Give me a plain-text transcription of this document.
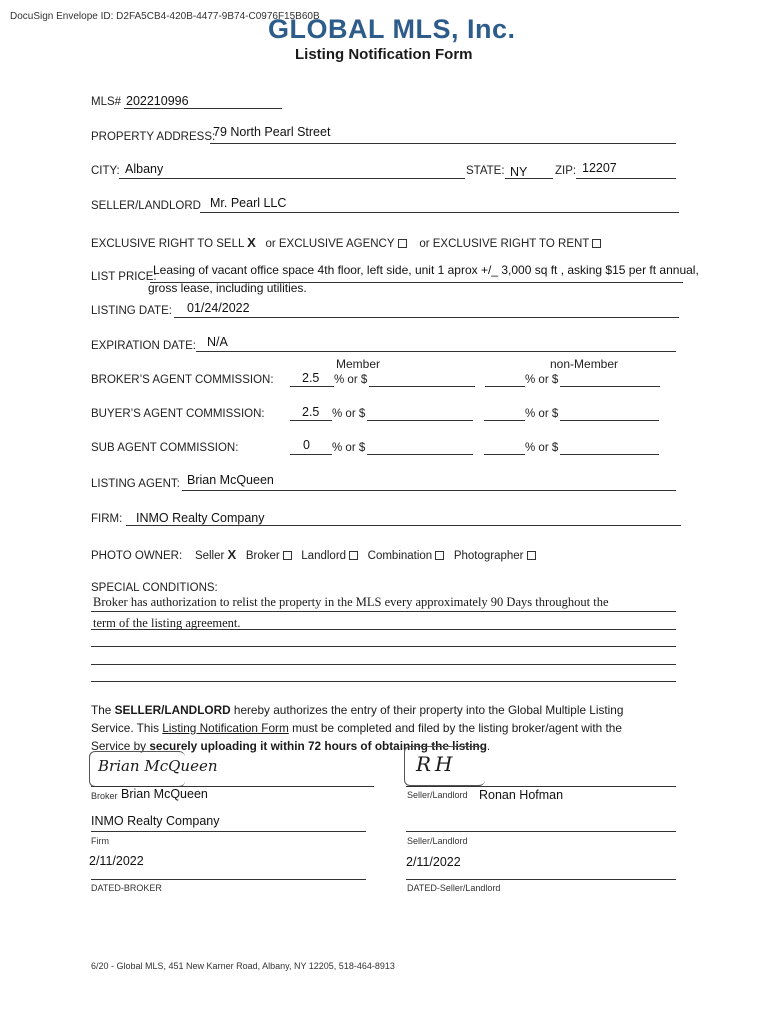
DocuSign Envelope ID: D2FA5CB4-420B-4477-9B74-C0976F15B60B
GLOBAL MLS, Inc.
Listing Notification Form
MLS# 202210996
PROPERTY ADDRESS:
79 North Pearl Street
CITY: Albany	STATE: NY ZIP: 12207
SELLER/LANDLORD Mr. Pearl LLC
EXCLUSIVE RIGHT TO SELL X or EXCLUSIVE AGENCY or EXCLUSIVE RIGHT TO RENT
LIST PRICE:
Leasing of vacant office space 4th floor, left side, unit 1 aprox +/_ 3,000 sq ft , asking $15 per ft annual,
gross lease, including utilities.
LISTING DATE: 01/24/2022
EXPIRATION DATE: N/A
Member	non-Member
BROKER’S AGENT COMMISSION: 2.5 % or $	% or $
BUYER’S AGENT COMMISSION:	2.5 % or $	% or $
SUB AGENT COMMISSION:	0 % or $	% or $
LISTING AGENT: Brian McQueen
FIRM: INMO Realty Company
PHOTO OWNER: Seller X Broker Landlord Combination Photographer
SPECIAL CONDITIONS:
Broker has authorization to relist the property in the MLS every approximately 90 Days throughout the
term of the listing agreement.
The SELLER/LANDLORD hereby authorizes the entry of their property into the Global Multiple Listing
Service. This Listing Notification Form must be completed and filed by the listing broker/agent with the
Service by securely uploading it within 72 hours of obtaining the listing.
Brian McQueen	RH
Broker Brian McQueen	Seller/Landlord Ronan Hofman
INMO Realty Company
Firm	Seller/Landlord
2/11/2022	2/11/2022
DATED-BROKER	DATED-Seller/Landlord
6/20 - Global MLS, 451 New Karner Road, Albany, NY 12205, 518-464-8913
